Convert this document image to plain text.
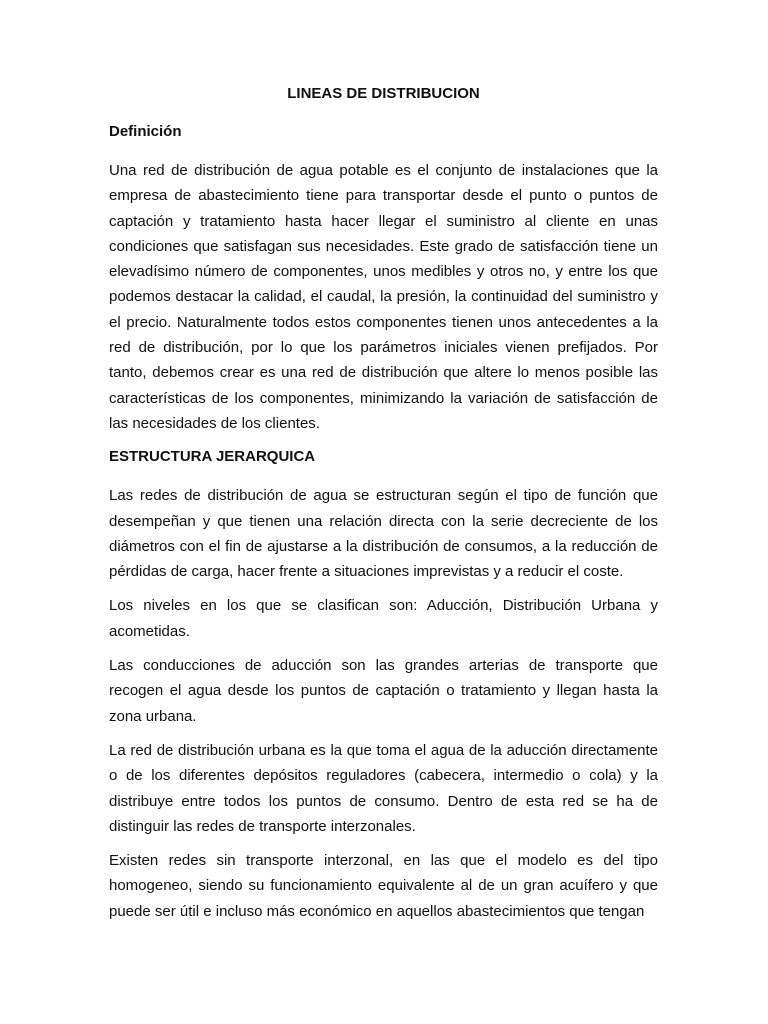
LINEAS DE DISTRIBUCION
Definición

Una red de distribución de agua potable es el conjunto de instalaciones que la empresa de abastecimiento tiene para transportar desde el punto o puntos de captación y tratamiento hasta hacer llegar el suministro al cliente en unas condiciones que satisfagan sus necesidades. Este grado de satisfacción tiene un elevadísimo número de componentes, unos medibles y otros no, y entre los que podemos destacar la calidad, el caudal, la presión, la continuidad del suministro y el precio. Naturalmente todos estos componentes tienen unos antecedentes a la red de distribución, por lo que los parámetros iniciales vienen prefijados. Por tanto, debemos crear es una red de distribución que altere lo menos posible las características de los componentes, minimizando la variación de satisfacción de las necesidades de los clientes.

ESTRUCTURA JERARQUICA

Las redes de distribución de agua se estructuran según el tipo de función que desempeñan y que tienen una relación directa con la serie decreciente de los diámetros con el fin de ajustarse a la distribución de consumos, a la reducción de pérdidas de carga, hacer frente a situaciones imprevistas y a reducir el coste.

Los niveles en los que se clasifican son: Aducción, Distribución Urbana y acometidas.

Las conducciones de aducción son las grandes arterias de transporte que recogen el agua desde los puntos de captación o tratamiento y llegan hasta la zona urbana.

La red de distribución urbana es la que toma el agua de la aducción directamente o de los diferentes depósitos reguladores (cabecera, intermedio o cola) y la distribuye entre todos los puntos de consumo. Dentro de esta red se ha de distinguir las redes de transporte interzonales.

Existen redes sin transporte interzonal, en las que el modelo es del tipo homogeneo, siendo su funcionamiento equivalente al de un gran acuífero y que puede ser útil e incluso más económico en aquellos abastecimientos que tengan
